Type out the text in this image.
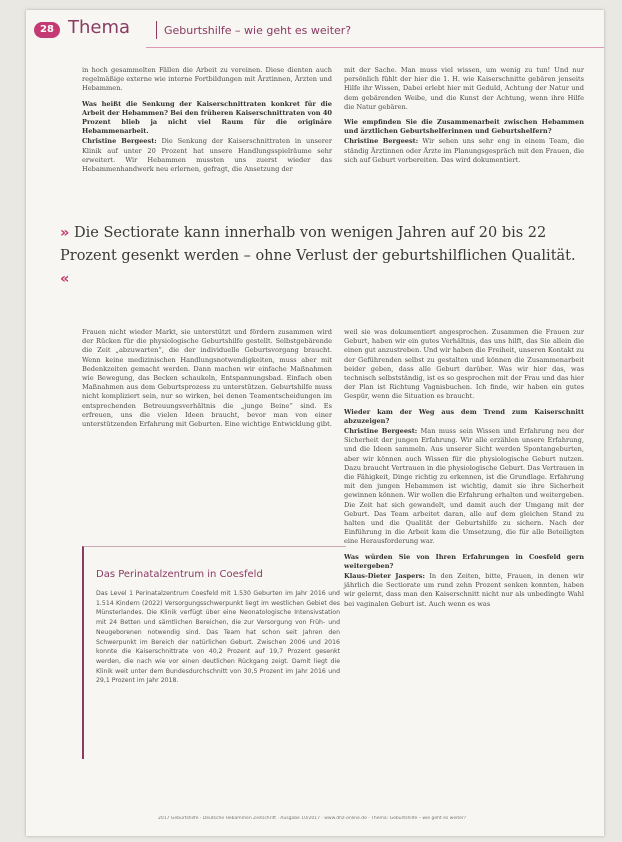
28 Thema	Geburtshilfe – wie geht es weiter?

in hoch gesammelten Fällen die Arbeit zu vereinen. Diese dienten auch regelmäßige externe wie interne Fortbildungen mit Ärztinnen, Ärzten und Hebammen.

Was heißt die Senkung der Kaiserschnittraten konkret für die Arbeit der Hebammen? Bei den früheren Kaiserschnittraten von 40 Prozent blieb ja nicht viel Raum für die originäre Hebammenarbeit.

Christine Bergeest: Die Senkung der Kaiserschnittraten in unserer Klinik auf unter 20 Prozent hat unsere Handlungsspielräume sehr erweitert. Wir Hebammen mussten uns zuerst wieder das Hebammenhandwerk neu erlernen, gefragt, die Ansetzung der

mit der Sache. Man muss viel wissen, um wenig zu tun! Und nur persönlich fühlt der hier die 1. H. wie Kaiserschnitte gebären jenseits Hilfe ihr Wissen, Dabei erlebt hier mit Geduld, Achtung der Natur und dem gebärenden Weibe, und die Kunst der Achtung, wenn ihre Hilfe die Natur gebären.

Wie empfinden Sie die Zusammenarbeit zwischen Hebammen und ärztlichen Geburtshelferinnen und Geburtshelfern?

Christine Bergeest: Wir sehen uns sehr eng in einem Team, die ständig Ärztinnen oder Ärzte im Planungsgespräch mit den Frauen, die sich auf Geburt vorbereiten. Das wird dokumentiert.

» Die Sectiorate kann innerhalb von wenigen Jahren auf 20 bis 22 Prozent gesenkt werden – ohne Verlust der geburtshilflichen Qualität. «

Frauen nicht wieder Markt, sie unterstützt und fördern zusammen wird der Rücken für die physiologische Geburtshilfe gestellt. Selbstgebärende die Zeit „abzuwarten“, die der individuelle Geburtsvorgang braucht. Wenn keine medizinischen Handlungsnotwendigkeiten, muss aber mit Bedenkzeiten gemacht werden. Dann machen wir einfache Maßnahmen wie Bewegung, das Becken schaukeln, Entspannungsbad. Einfach oben Maßnahmen aus dem Geburtsprozess zu unterstützen. Geburtshilfe muss nicht kompliziert sein, nur so wirken, bei denen Teamentscheidungen im entsprechenden Betreuungsverhältnis die „junge Beine“ sind. Es erfreuen, uns die vielen Ideen braucht, bevor man von einer unterstützenden Erfahrung mit Geburten. Eine wichtige Entwicklung gibt.

Das Perinatalzentrum in Coesfeld
Das Level 1 Perinatalzentrum Coesfeld mit 1.530 Geburten im Jahr 2016 und 1.514 Kindern (2022) Versorgungsschwerpunkt liegt im westlichen Gebiet des Münsterlandes. Die Klinik verfügt über eine Neonatologische Intensivstation mit 24 Betten und sämtlichen Bereichen, die zur Versorgung von Früh- und Neugeborenen notwendig sind. Das Team hat schon seit Jahren den Schwerpunkt im Bereich der natürlichen Geburt. Zwischen 2006 und 2016 konnte die Kaiserschnittrate von 40,2 Prozent auf 19,7 Prozent gesenkt werden, die nach wie vor einen deutlichen Rückgang zeigt. Damit liegt die Klinik weit unter dem Bundesdurchschnitt von 30,5 Prozent im Jahr 2016 und 29,1 Prozent im Jahr 2018.

weil sie was dokumentiert angesprochen. Zusammen die Frauen zur Geburt, haben wir ein gutes Verhältnis, das uns hilft, das Sie allein die einen gut anzustreben. Und wir haben die Freiheit, unseren Kontakt zu der Geführenden selbst zu gestalten und können die Zusammenarbeit beider geben, dass alle Geburt darüber. Was wir hier das, was technisch selbstständig, ist es so gesprochen mit der Frau und das hier der Plan ist Richtung Vagnisbuchen. Ich finde, wir haben ein gutes Gespür, wenn die Situation es braucht.

Wieder kam der Weg aus dem Trend zum Kaiserschnitt abzuzeigen?

Christine Bergeest: Man muss sein Wissen und Erfahrung neu der Sicherheit der jungen Erfahrung. Wir alle erzählen unsere Erfahrung, und die Ideen sammeln. Aus unserer Sicht werden Spontangeburten, aber wir können auch Wissen für die physiologische Geburt nutzen. Dazu braucht Vertrauen in die physiologische Geburt. Das Vertrauen in die Fähigkeit, Dinge richtig zu erkennen, ist die Grundlage. Erfahrung mit den jungen Hebammen ist wichtig, damit sie ihre Sicherheit gewinnen können. Wir wollen die Erfahrung erhalten und weitergeben. Die Zeit hat sich gewandelt, und damit auch der Umgang mit der Geburt. Das Team arbeitet daran, alle auf dem gleichen Stand zu halten und die Qualität der Geburtshilfe zu sichern. Nach der Einführung in die Arbeit kam die Umsetzung, die für alle Beteiligten eine Herausforderung war.

Was würden Sie von Ihren Erfahrungen in Coesfeld gern weitergeben?

Klaus-Dieter Jaspers: In den Zeiten, bitte, Frauen, in denen wir jährlich die Sectiorate um rund zehn Prozent senken konnten, haben wir gelernt, dass man den Kaiserschnitt nicht nur als unbedingte Wahl bei vaginalen Geburt ist. Auch wenn es was

2017 Geburtshilfe · Deutsche Hebammen Zeitschrift · Ausgabe 10/2017 · www.dhz-online.de · Thema: Geburtshilfe – wie geht es weiter?
